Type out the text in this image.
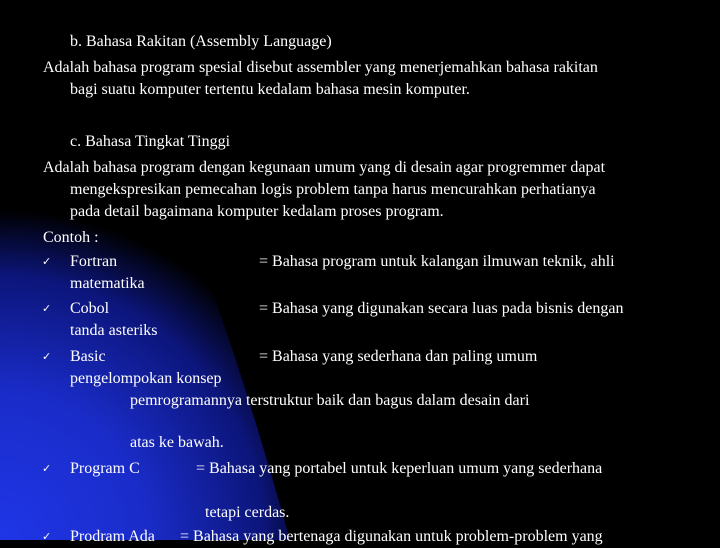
b. Bahasa Rakitan (Assembly Language)
Adalah bahasa program spesial disebut assembler yang menerjemahkan bahasa rakitan
bagi suatu komputer tertentu kedalam bahasa mesin komputer.
c. Bahasa Tingkat Tinggi
Adalah bahasa program dengan kegunaan umum yang di desain agar progremmer dapat
mengekspresikan pemecahan logis problem tanpa harus mencurahkan perhatianya
pada detail bagaimana komputer kedalam proses program.
Contoh :
✓ Fortran	= Bahasa program untuk kalangan ilmuwan teknik, ahli
matematika
✓ Cobol	= Bahasa yang digunakan secara luas pada bisnis dengan
tanda asteriks
✓ Basic	= Bahasa yang sederhana dan paling umum
pengelompokan konsep
pemrogramannya terstruktur baik dan bagus dalam desain dari
atas ke bawah.
✓ Program C	= Bahasa yang portabel untuk keperluan umum yang sederhana
tetapi cerdas.
✓ Prodram Ada = Bahasa yang bertenaga digunakan untuk problem-problem yang
